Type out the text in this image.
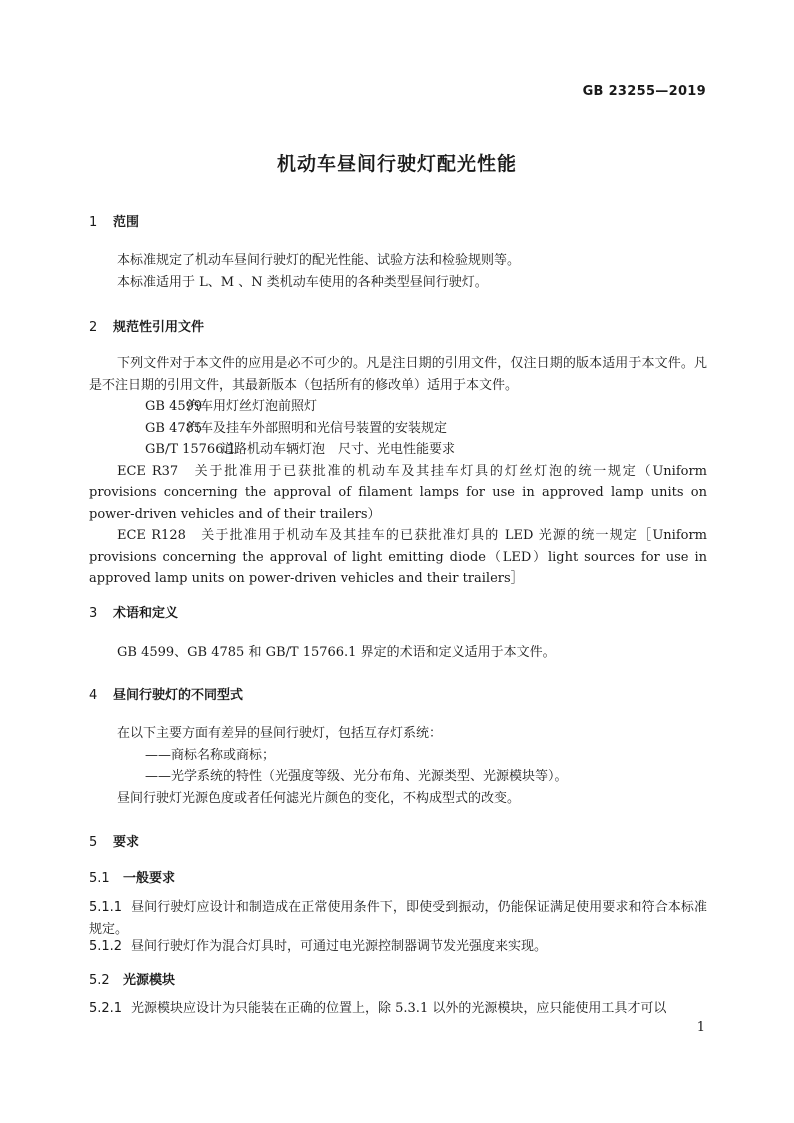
GB 23255—2019
机动车昼间行驶灯配光性能
1 范围

本标准规定了机动车昼间行驶灯的配光性能、试验方法和检验规则等。

本标准适用于 L、M 、N 类机动车使用的各种类型昼间行驶灯。

2 规范性引用文件

下列文件对于本文件的应用是必不可少的。凡是注日期的引用文件，仅注日期的版本适用于本文件。凡是不注日期的引用文件，其最新版本（包括所有的修改单）适用于本文件。

GB 4599汽车用灯丝灯泡前照灯
GB 4785汽车及挂车外部照明和光信号装置的安装规定
GB/T 15766.1道路机动车辆灯泡　尺寸、光电性能要求

ECE R37　关于批准用于已获批准的机动车及其挂车灯具的灯丝灯泡的统一规定（Uniform provisions concerning the approval of filament lamps for use in approved lamp units on power-driven vehicles and of their trailers）

ECE R128　关于批准用于机动车及其挂车的已获批准灯具的 LED 光源的统一规定［Uniform provisions concerning the approval of light emitting diode（LED）light sources for use in approved lamp units on power-driven vehicles and their trailers］

3 术语和定义

GB 4599、GB 4785 和 GB/T 15766.1 界定的术语和定义适用于本文件。

4 昼间行驶灯的不同型式

在以下主要方面有差异的昼间行驶灯，包括互存灯系统：

——商标名称或商标；

——光学系统的特性（光强度等级、光分布角、光源类型、光源模块等）。

昼间行驶灯光源色度或者任何滤光片颜色的变化，不构成型式的改变。

5 要求
5.1 一般要求

5.1.1 昼间行驶灯应设计和制造成在正常使用条件下，即使受到振动，仍能保证满足使用要求和符合本标准规定。

5.1.2 昼间行驶灯作为混合灯具时，可通过电光源控制器调节发光强度来实现。

5.2 光源模块

5.2.1 光源模块应设计为只能装在正确的位置上，除 5.3.1 以外的光源模块，应只能使用工具才可以

1
